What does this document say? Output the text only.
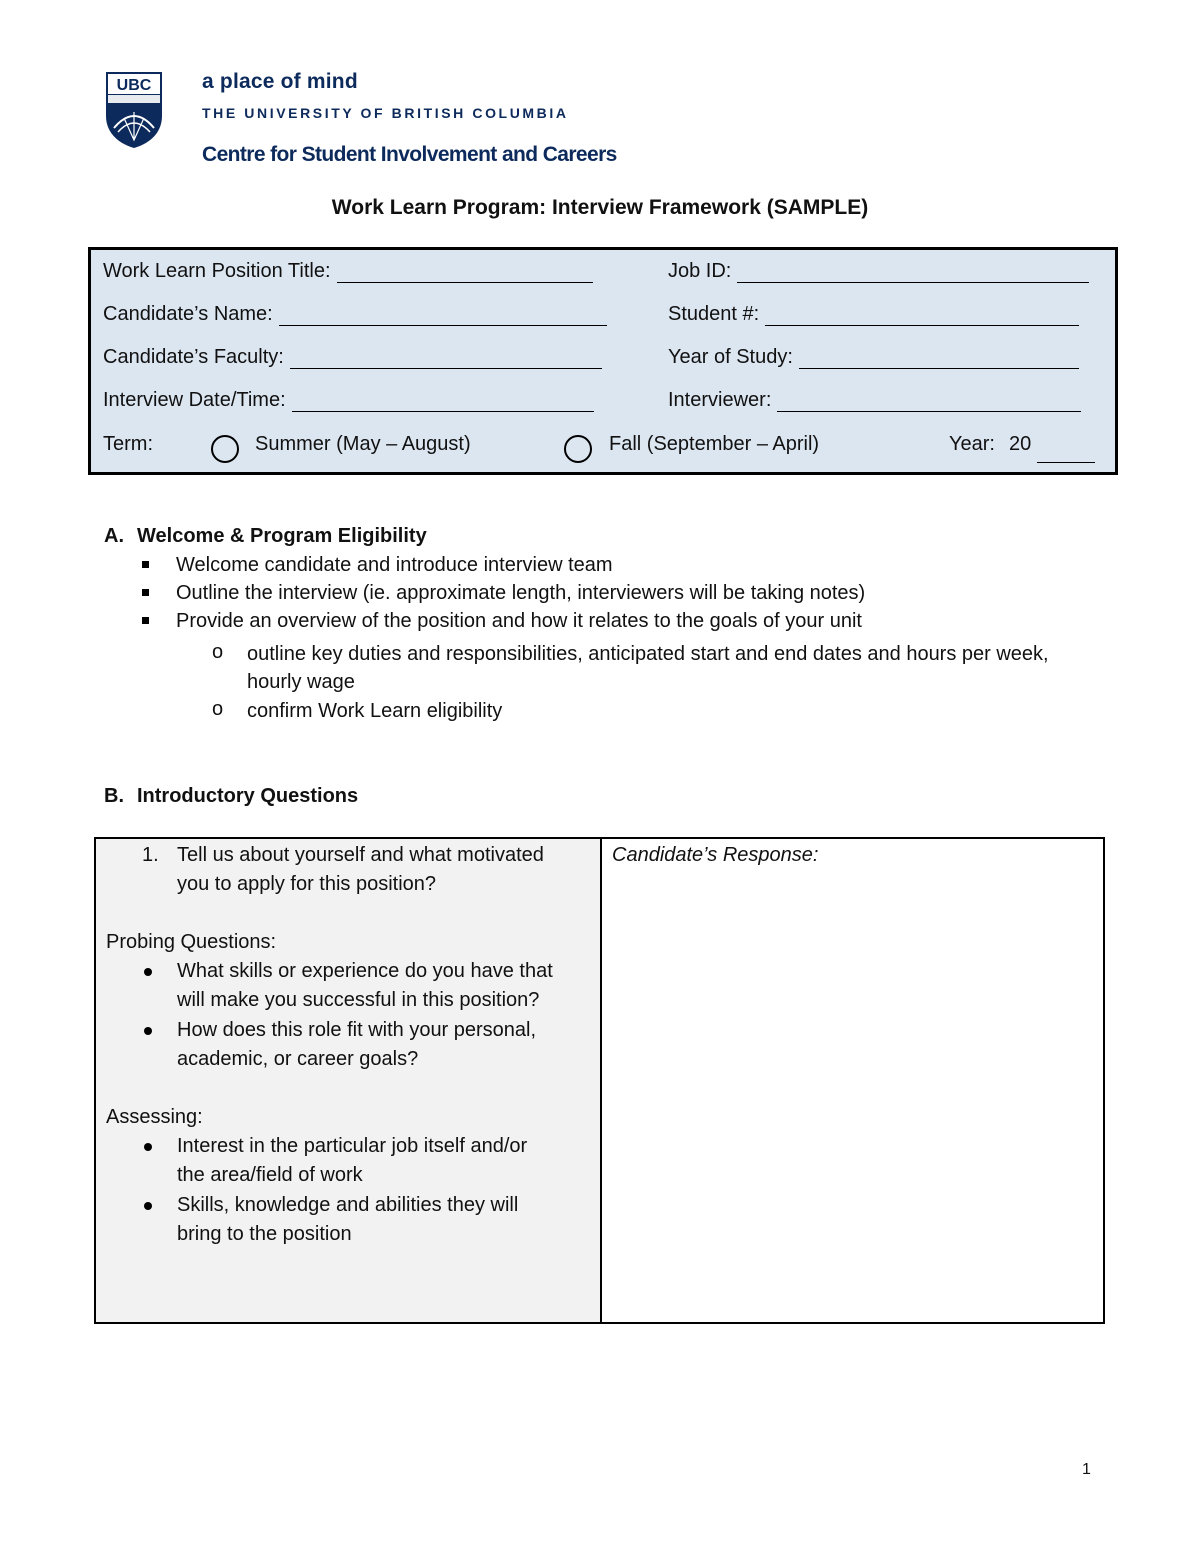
UBC a place of mind
THE UNIVERSITY OF BRITISH COLUMBIA
Centre for Student Involvement and Careers
Work Learn Program: Interview Framework (SAMPLE)
Work Learn Position Title:	Job ID:
Candidate’s Name:	Student #:
Candidate’s Faculty:	Year of Study:
Interview Date/Time:	Interviewer:
Term:	Summer (May – August)	Fall (September – April)	Year: 20
A. Welcome & Program Eligibility
Welcome candidate and introduce interview team
Outline the interview (ie. approximate length, interviewers will be taking notes)
Provide an overview of the position and how it relates to the goals of your unit
o outline key duties and responsibilities, anticipated start and end dates and hours per week, hourly wage
o confirm Work Learn eligibility
B. Introductory Questions
1. Tell us about yourself and what motivated
you to apply for this position?
Probing Questions:
What skills or experience do you have that
will make you successful in this position?
How does this role fit with your personal,
academic, or career goals?
Assessing:
Interest in the particular job itself and/or
the area/field of work
Skills, knowledge and abilities they will
bring to the position
Candidate’s Response:
1
